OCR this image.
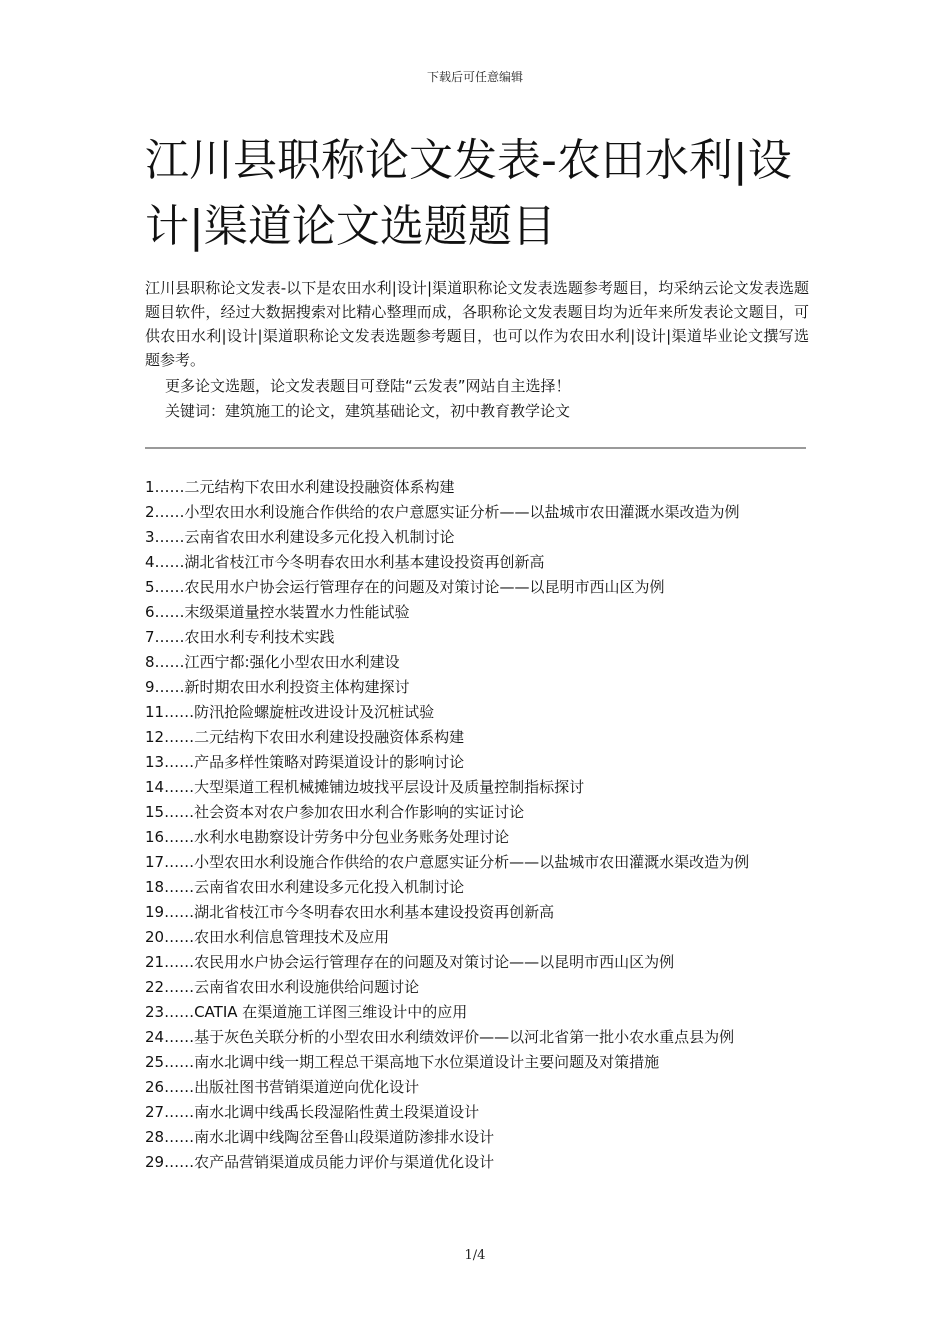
下载后可任意编辑
江川县职称论文发表-农田水利|设计|渠道论文选题题目

江川县职称论文发表-以下是农田水利|设计|渠道职称论文发表选题参考题目，均采纳云论文发表选题题目软件，经过大数据搜索对比精心整理而成，各职称论文发表题目均为近年来所发表论文题目，可供农田水利|设计|渠道职称论文发表选题参考题目，也可以作为农田水利|设计|渠道毕业论文撰写选题参考。

更多论文选题，论文发表题目可登陆“云发表”网站自主选择！
关键词：建筑施工的论文，建筑基础论文，初中教育教学论文
1……二元结构下农田水利建设投融资体系构建
2……小型农田水利设施合作供给的农户意愿实证分析——以盐城市农田灌溉水渠改造为例
3……云南省农田水利建设多元化投入机制讨论
4……湖北省枝江市今冬明春农田水利基本建设投资再创新高
5……农民用水户协会运行管理存在的问题及对策讨论——以昆明市西山区为例
6……末级渠道量控水装置水力性能试验
7……农田水利专利技术实践
8……江西宁都:强化小型农田水利建设
9……新时期农田水利投资主体构建探讨
11……防汛抢险螺旋桩改进设计及沉桩试验
12……二元结构下农田水利建设投融资体系构建
13……产品多样性策略对跨渠道设计的影响讨论
14……大型渠道工程机械摊铺边坡找平层设计及质量控制指标探讨
15……社会资本对农户参加农田水利合作影响的实证讨论
16……水利水电勘察设计劳务中分包业务账务处理讨论
17……小型农田水利设施合作供给的农户意愿实证分析——以盐城市农田灌溉水渠改造为例
18……云南省农田水利建设多元化投入机制讨论
19……湖北省枝江市今冬明春农田水利基本建设投资再创新高
20……农田水利信息管理技术及应用
21……农民用水户协会运行管理存在的问题及对策讨论——以昆明市西山区为例
22……云南省农田水利设施供给问题讨论
23……CATIA 在渠道施工详图三维设计中的应用
24……基于灰色关联分析的小型农田水利绩效评价——以河北省第一批小农水重点县为例
25……南水北调中线一期工程总干渠高地下水位渠道设计主要问题及对策措施
26……出版社图书营销渠道逆向优化设计
27……南水北调中线禹长段湿陷性黄土段渠道设计
28……南水北调中线陶岔至鲁山段渠道防渗排水设计
29……农产品营销渠道成员能力评价与渠道优化设计
1/4
